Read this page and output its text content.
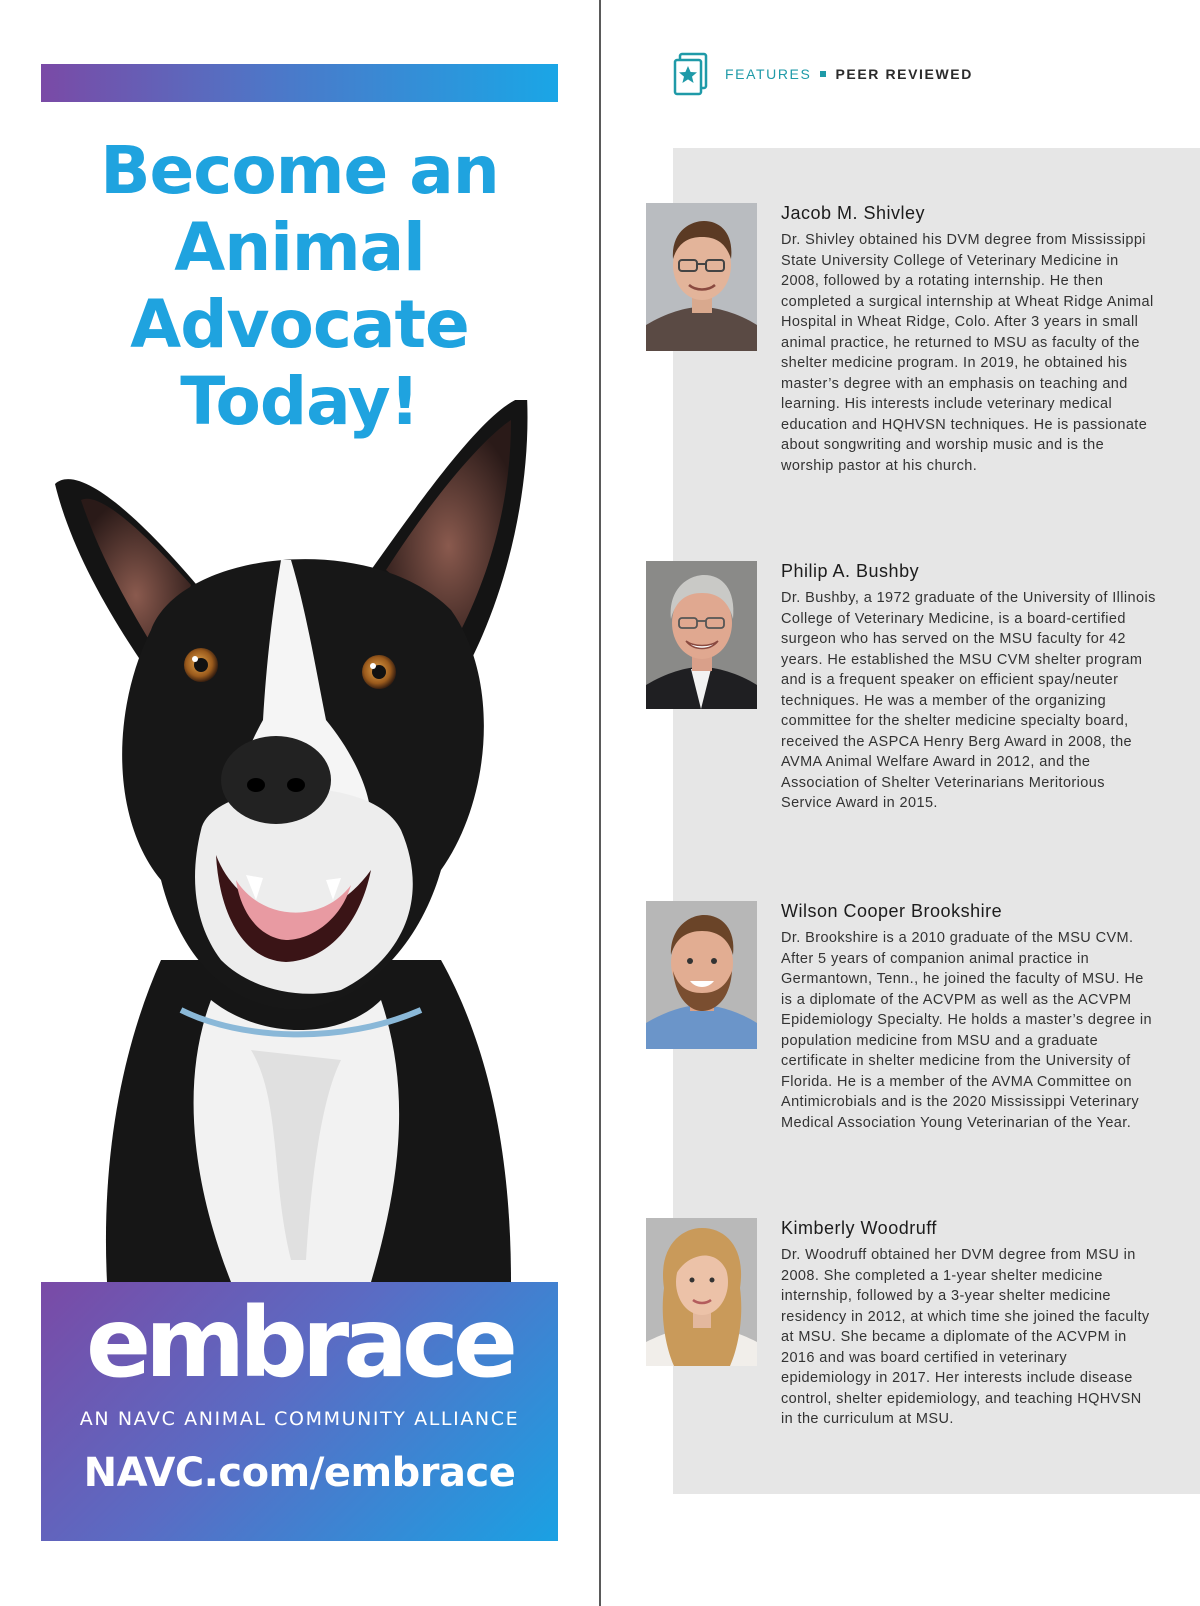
Become an
Animal
Advocate
Today!
embrace
AN NAVC ANIMAL COMMUNITY ALLIANCE
NAVC.com/embrace
FEATURES PEER REVIEWED
Jacob M. Shivley

Dr. Shivley obtained his DVM degree from Mississippi State University College of Veterinary Medicine in 2008, followed by a rotating internship. He then completed a surgical internship at Wheat Ridge Animal Hospital in Wheat Ridge, Colo. After 3 years in small animal practice, he returned to MSU as faculty of the shelter medicine program. In 2019, he obtained his master’s degree with an emphasis on teaching and learning. His interests include veterinary medical education and HQHVSN techniques. He is passionate about songwriting and worship music and is the worship pastor at his church.

Philip A. Bushby

Dr. Bushby, a 1972 graduate of the University of Illinois College of Veterinary Medicine, is a board-certified surgeon who has served on the MSU faculty for 42 years. He established the MSU CVM shelter program and is a frequent speaker on efficient spay/neuter techniques. He was a member of the organizing committee for the shelter medicine specialty board, received the ASPCA Henry Berg Award in 2008, the AVMA Animal Welfare Award in 2012, and the Association of Shelter Veterinarians Meritorious Service Award in 2015.

Wilson Cooper Brookshire

Dr. Brookshire is a 2010 graduate of the MSU CVM. After 5 years of companion animal practice in Germantown, Tenn., he joined the faculty of MSU. He is a diplomate of the ACVPM as well as the ACVPM Epidemiology Specialty. He holds a master’s degree in population medicine from MSU and a graduate certificate in shelter medicine from the University of Florida. He is a member of the AVMA Committee on Antimicrobials and is the 2020 Mississippi Veterinary Medical Association Young Veterinarian of the Year.

Kimberly Woodruff

Dr. Woodruff obtained her DVM degree from MSU in 2008. She completed a 1-year shelter medicine internship, followed by a 3-year shelter medicine residency in 2012, at which time she joined the faculty at MSU. She became a diplomate of the ACVPM in 2016 and was board certified in veterinary epidemiology in 2017. Her interests include disease control, shelter epidemiology, and teaching HQHVSN in the curriculum at MSU.
